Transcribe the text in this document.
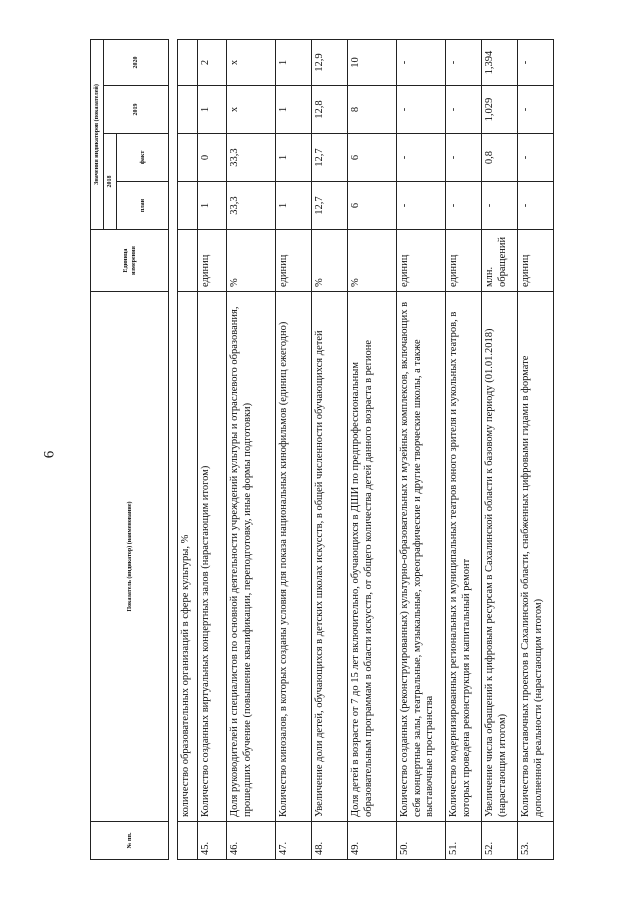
6
№ пп.	Показатель (индикатор) (наименование)	Единица измерения	Значения индикаторов (показателей)			
			2018		2019	2020
			план	факт		
	количество образовательных организаций в сфере культуры, %					
45.	Количество созданных виртуальных концертных залов (нарастающим итогом)	единиц	1	0	1	2
46.	Доля руководителей и специалистов по основной деятельности учреждений культуры и отраслевого образования, прошедших обучение (повышение квалификации, переподготовку, иные формы подготовки)	%	33,3	33,3	х	х
47.	Количество кинозалов, в которых созданы условия для показа национальных кинофильмов (единиц ежегодно)	единиц	1	1	1	1
48.	Увеличение доли детей, обучающихся в детских школах искусств, в общей численности обучающихся детей	%	12,7	12,7	12,8	12,9
49.	Доля детей в возрасте от 7 до 15 лет включительно, обучающихся в ДШИ по предпрофессиональным образовательным программам в области искусств, от общего количества детей данного возраста в регионе	%	6	6	8	10
50.	Количество созданных (реконструированных) культурно-образовательных и музейных комплексов, включающих в себя концертные залы, театральные, музыкальные, хореографические и другие творческие школы, а также выставочные пространства	единиц	-	-	-	-
51.	Количество модернизированных региональных и муниципальных театров юного зрителя и кукольных театров, в которых проведена реконструкция и капитальный ремонт	единиц	-	-	-	-
52.	Увеличение числа обращений к цифровым ресурсам в Сахалинской области к базовому периоду (01.01.2018) (нарастающим итогом)	млн. обращений	-	0,8	1,029	1,394
53.	Количество выставочных проектов в Сахалинской области, снабженных цифровыми гидами в формате дополненной реальности (нарастающим итогом)	единиц	-	-	-	-
